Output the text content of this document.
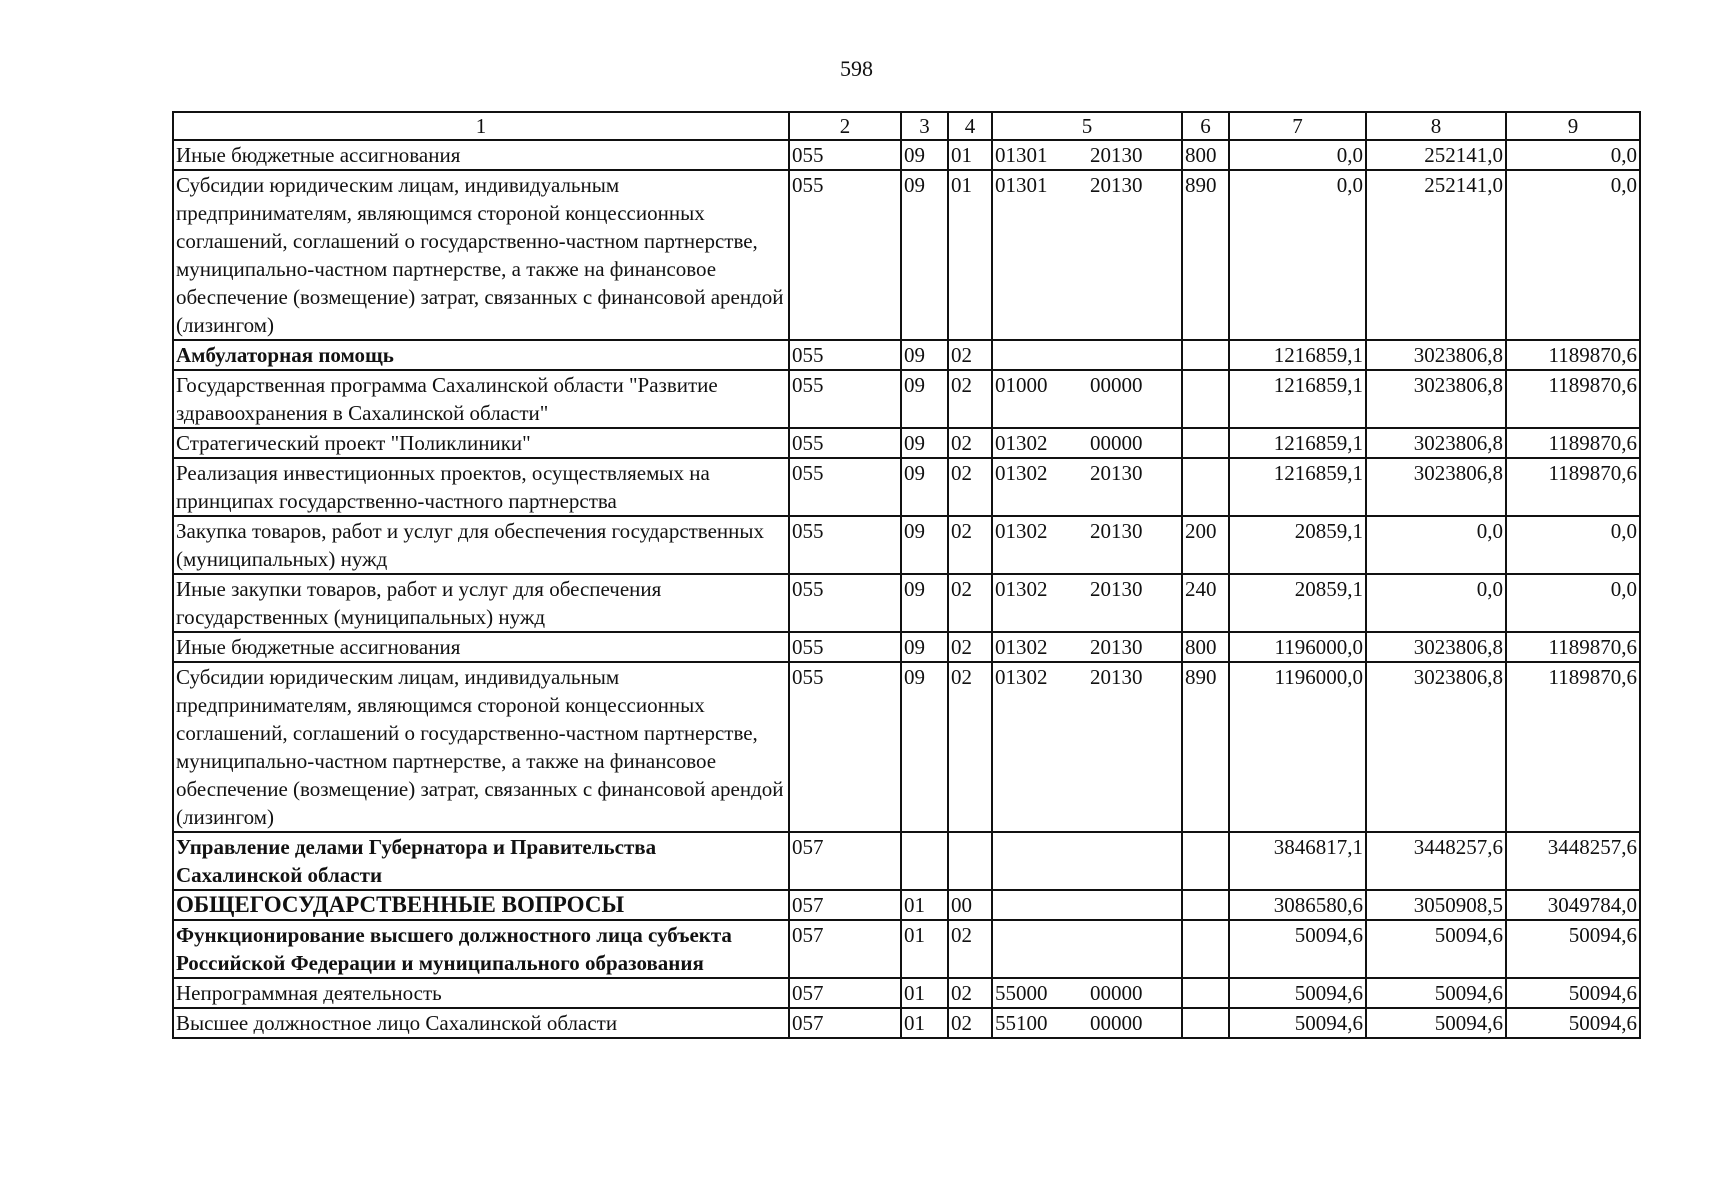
598
1	2	3	4	5	6	7	8	9
Иные бюджетные ассигнования	055	09	01	01301 20130	800	0,0	252141,0	0,0
Субсидии юридическим лицам, индивидуальным предпринимателям, являющимся стороной концессионных соглашений, соглашений о государственно-частном партнерстве, муниципально-частном партнерстве, а также на финансовое обеспечение (возмещение) затрат, связанных с финансовой арендой (лизингом)	055	09	01	01301 20130	890	0,0	252141,0	0,0
Амбулаторная помощь	055	09	02			1216859,1	3023806,8	1189870,6
Государственная программа Сахалинской области "Развитие здравоохранения в Сахалинской области"	055	09	02	01000 00000		1216859,1	3023806,8	1189870,6
Стратегический проект "Поликлиники"	055	09	02	01302 00000		1216859,1	3023806,8	1189870,6
Реализация инвестиционных проектов, осуществляемых на принципах государственно-частного партнерства	055	09	02	01302 20130		1216859,1	3023806,8	1189870,6
Закупка товаров, работ и услуг для обеспечения государственных (муниципальных) нужд	055	09	02	01302 20130	200	20859,1	0,0	0,0
Иные закупки товаров, работ и услуг для обеспечения государственных (муниципальных) нужд	055	09	02	01302 20130	240	20859,1	0,0	0,0
Иные бюджетные ассигнования	055	09	02	01302 20130	800	1196000,0	3023806,8	1189870,6
Субсидии юридическим лицам, индивидуальным предпринимателям, являющимся стороной концессионных соглашений, соглашений о государственно-частном партнерстве, муниципально-частном партнерстве, а также на финансовое обеспечение (возмещение) затрат, связанных с финансовой арендой (лизингом)	055	09	02	01302 20130	890	1196000,0	3023806,8	1189870,6
Управление делами Губернатора и Правительства Сахалинской области	057					3846817,1	3448257,6	3448257,6
ОБЩЕГОСУДАРСТВЕННЫЕ ВОПРОСЫ	057	01	00			3086580,6	3050908,5	3049784,0
Функционирование высшего должностного лица субъекта Российской Федерации и муниципального образования	057	01	02			50094,6	50094,6	50094,6
Непрограммная деятельность	057	01	02	55000 00000		50094,6	50094,6	50094,6
Высшее должностное лицо Сахалинской области	057	01	02	55100 00000		50094,6	50094,6	50094,6
